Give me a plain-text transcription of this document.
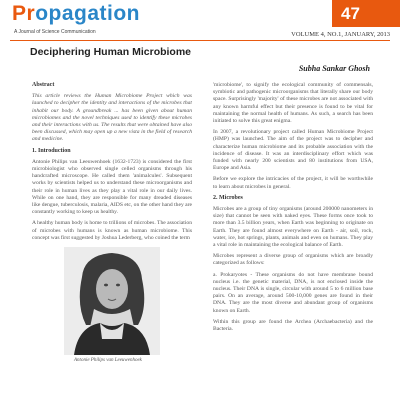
Propagation
A Journal of Science Communication
47
VOLUME 4, NO.1, JANUARY, 2013
Deciphering Human Microbiome
Subha Sankar Ghosh
Abstract
This article reviews the Human Microbiome Project which was launched to decipher the identity and interactions of the microbes that inhabit our body. A groundbreak ... has been given about human microbiomes and the novel techniques used to identify these microbes and their interactions with us. The results that were obtained have also been discussed, which may open up a new vista in the field of research and medicine.
1. Introduction
Antonie Philips van Leeuwenhoek (1632-1723) is considered the first microbiologist who observed single celled organisms through his handcrafted microscope. He called them 'animalcules'. Subsequent works by scientists helped us to understand these microorganisms and their role in human lives as they play a vital role in our daily lives. While on one hand, they are responsible for many dreaded diseases like dengue, tuberculosis, malaria, AIDS etc, on the other hand they are constantly working to keep us healthy.
A healthy human body is home to trillions of microbes. The association of microbes with humans is known as human microbiome. This concept was first suggested by Joshua Lederberg, who coined the term
Antonie Philips van Leeuwenhoek
'microbiome', to signify the ecological community of commensals, symbiotic and pathogenic microorganisms that literally share our body space. Surprisingly 'majority' of these microbes are not associated with any known harmful effect but their presence is found to be vital for maintaining the normal health of humans. As such, a search has been initiated to solve this great enigma.
In 2007, a revolutionary project called Human Microbiome Project (HMP) was launched. The aim of the project was to decipher and characterize human microbiome and its probable association with the incidence of disease. It was an interdisciplinary effort which was funded with nearly 200 scientists and 80 institutions from USA, Europe and Asia.
Before we explore the intricacies of the project, it will be worthwhile to learn about microbes in general.
2. Microbes
Microbes are a group of tiny organisms (around 200000 nanometers in size) that cannot be seen with naked eyes. These forms once took to more than 3.5 billion years, when Earth was beginning to originate on Earth. They are found almost everywhere on Earth - air, soil, rock, water, ice, hot springs, plants, animals and even on humans. They play a vital role in maintaining the ecological balance of Earth.
Microbes represent a diverse group of organisms which are broadly categorized as follows:
a. Prokaryotes - These organisms do not have membrane bound nucleus i.e. the genetic material, DNA, is not enclosed inside the nucleus. Their DNA is single, circular with around 5 to 6 million base pairs. On an average, around 500-10,000 genes are found in their DNA. They are the most diverse and abundant group of organisms known on Earth.
Within this group are found the Archea (Archaebacteria) and the Bacteria.
